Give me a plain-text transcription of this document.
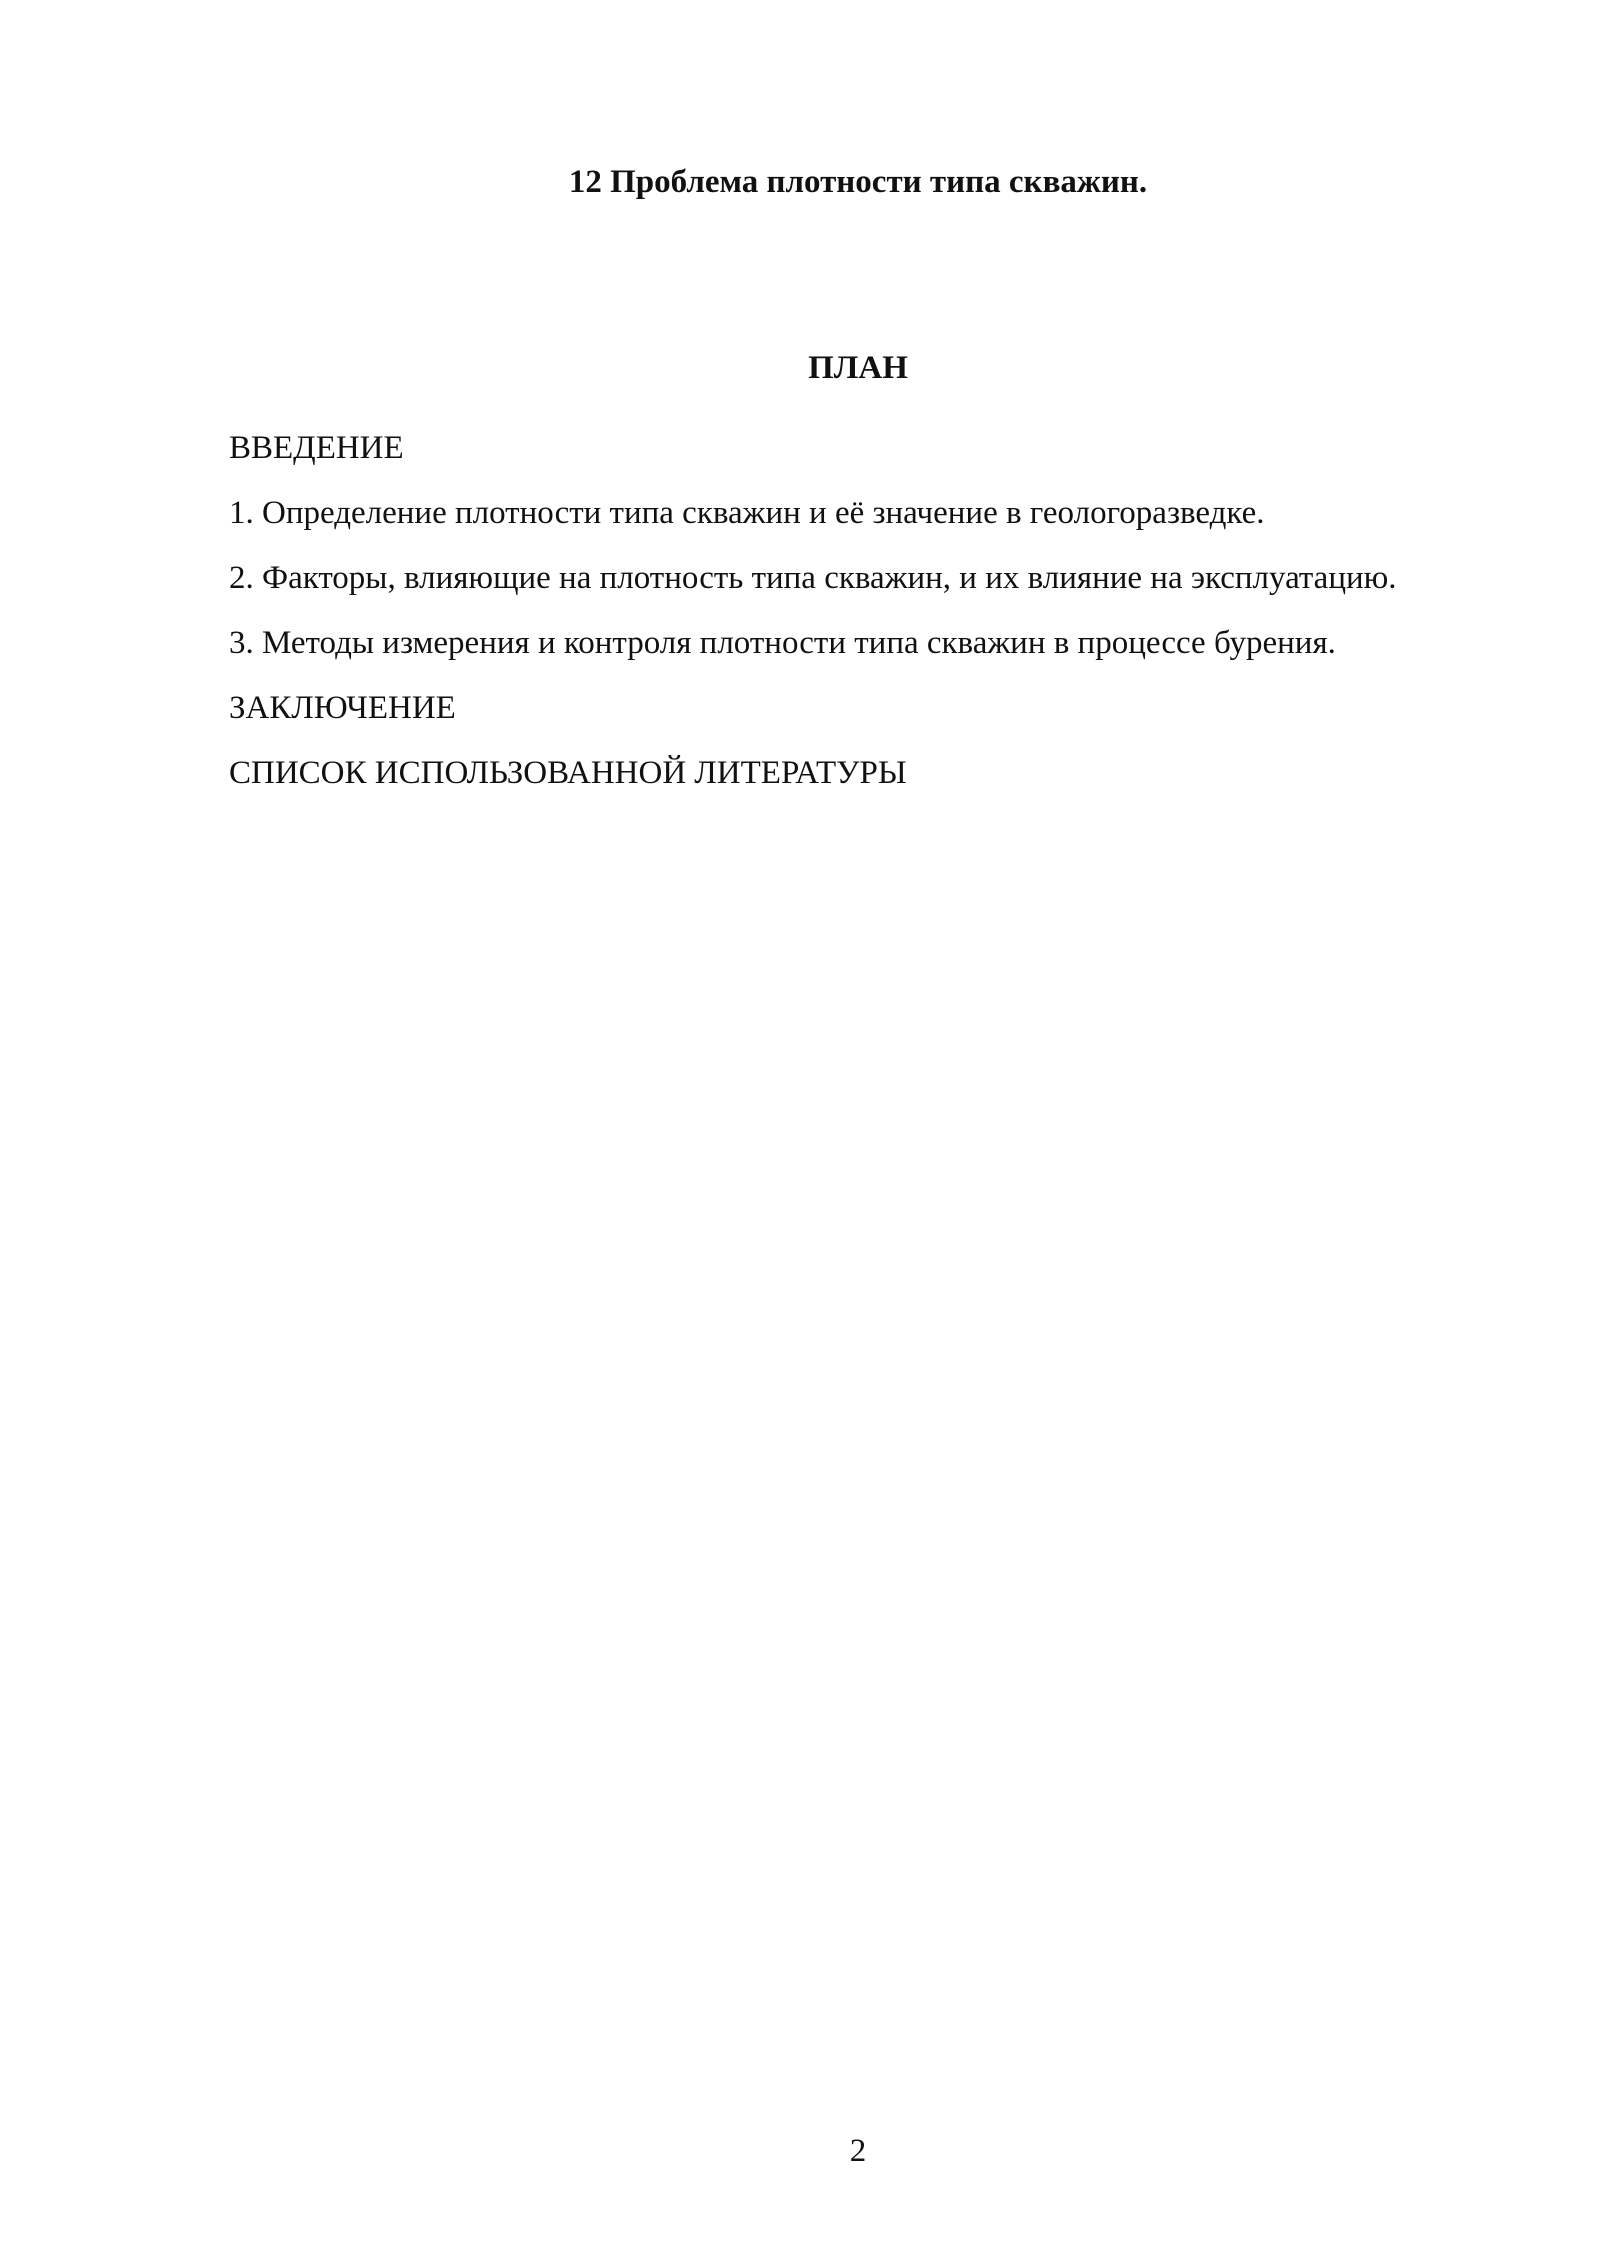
12 Проблема плотности типа скважин.
ПЛАН
ВВЕДЕНИЕ
1. Определение плотности типа скважин и её значение в геологоразведке.
2. Факторы, влияющие на плотность типа скважин, и их влияние на эксплуатацию.
3. Методы измерения и контроля плотности типа скважин в процессе бурения.
ЗАКЛЮЧЕНИЕ
СПИСОК ИСПОЛЬЗОВАННОЙ ЛИТЕРАТУРЫ
2
